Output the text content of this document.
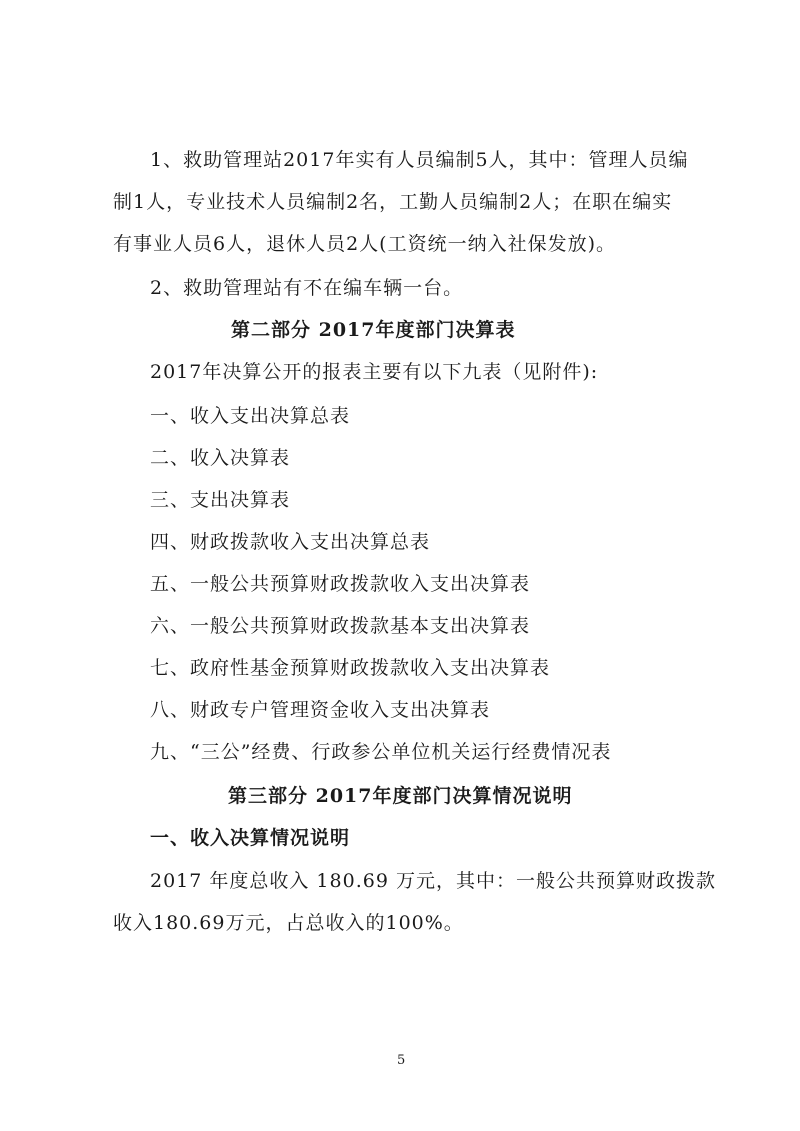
1、救助管理站2017年实有人员编制5人，其中：管理人员编
制1人，专业技术人员编制2名，工勤人员编制2人；在职在编实
有事业人员6人，退休人员2人(工资统一纳入社保发放)。
2、救助管理站有不在编车辆一台。
第二部分 2017年度部门决算表
2017年决算公开的报表主要有以下九表（见附件):
一、收入支出决算总表
二、收入决算表
三、支出决算表
四、财政拨款收入支出决算总表
五、一般公共预算财政拨款收入支出决算表
六、一般公共预算财政拨款基本支出决算表
七、政府性基金预算财政拨款收入支出决算表
八、财政专户管理资金收入支出决算表
九、“三公”经费、行政参公单位机关运行经费情况表
第三部分 2017年度部门决算情况说明
一、收入决算情况说明
2017 年度总收入 180.69 万元，其中：一般公共预算财政拨款
收入180.69万元，占总收入的100%。
5
